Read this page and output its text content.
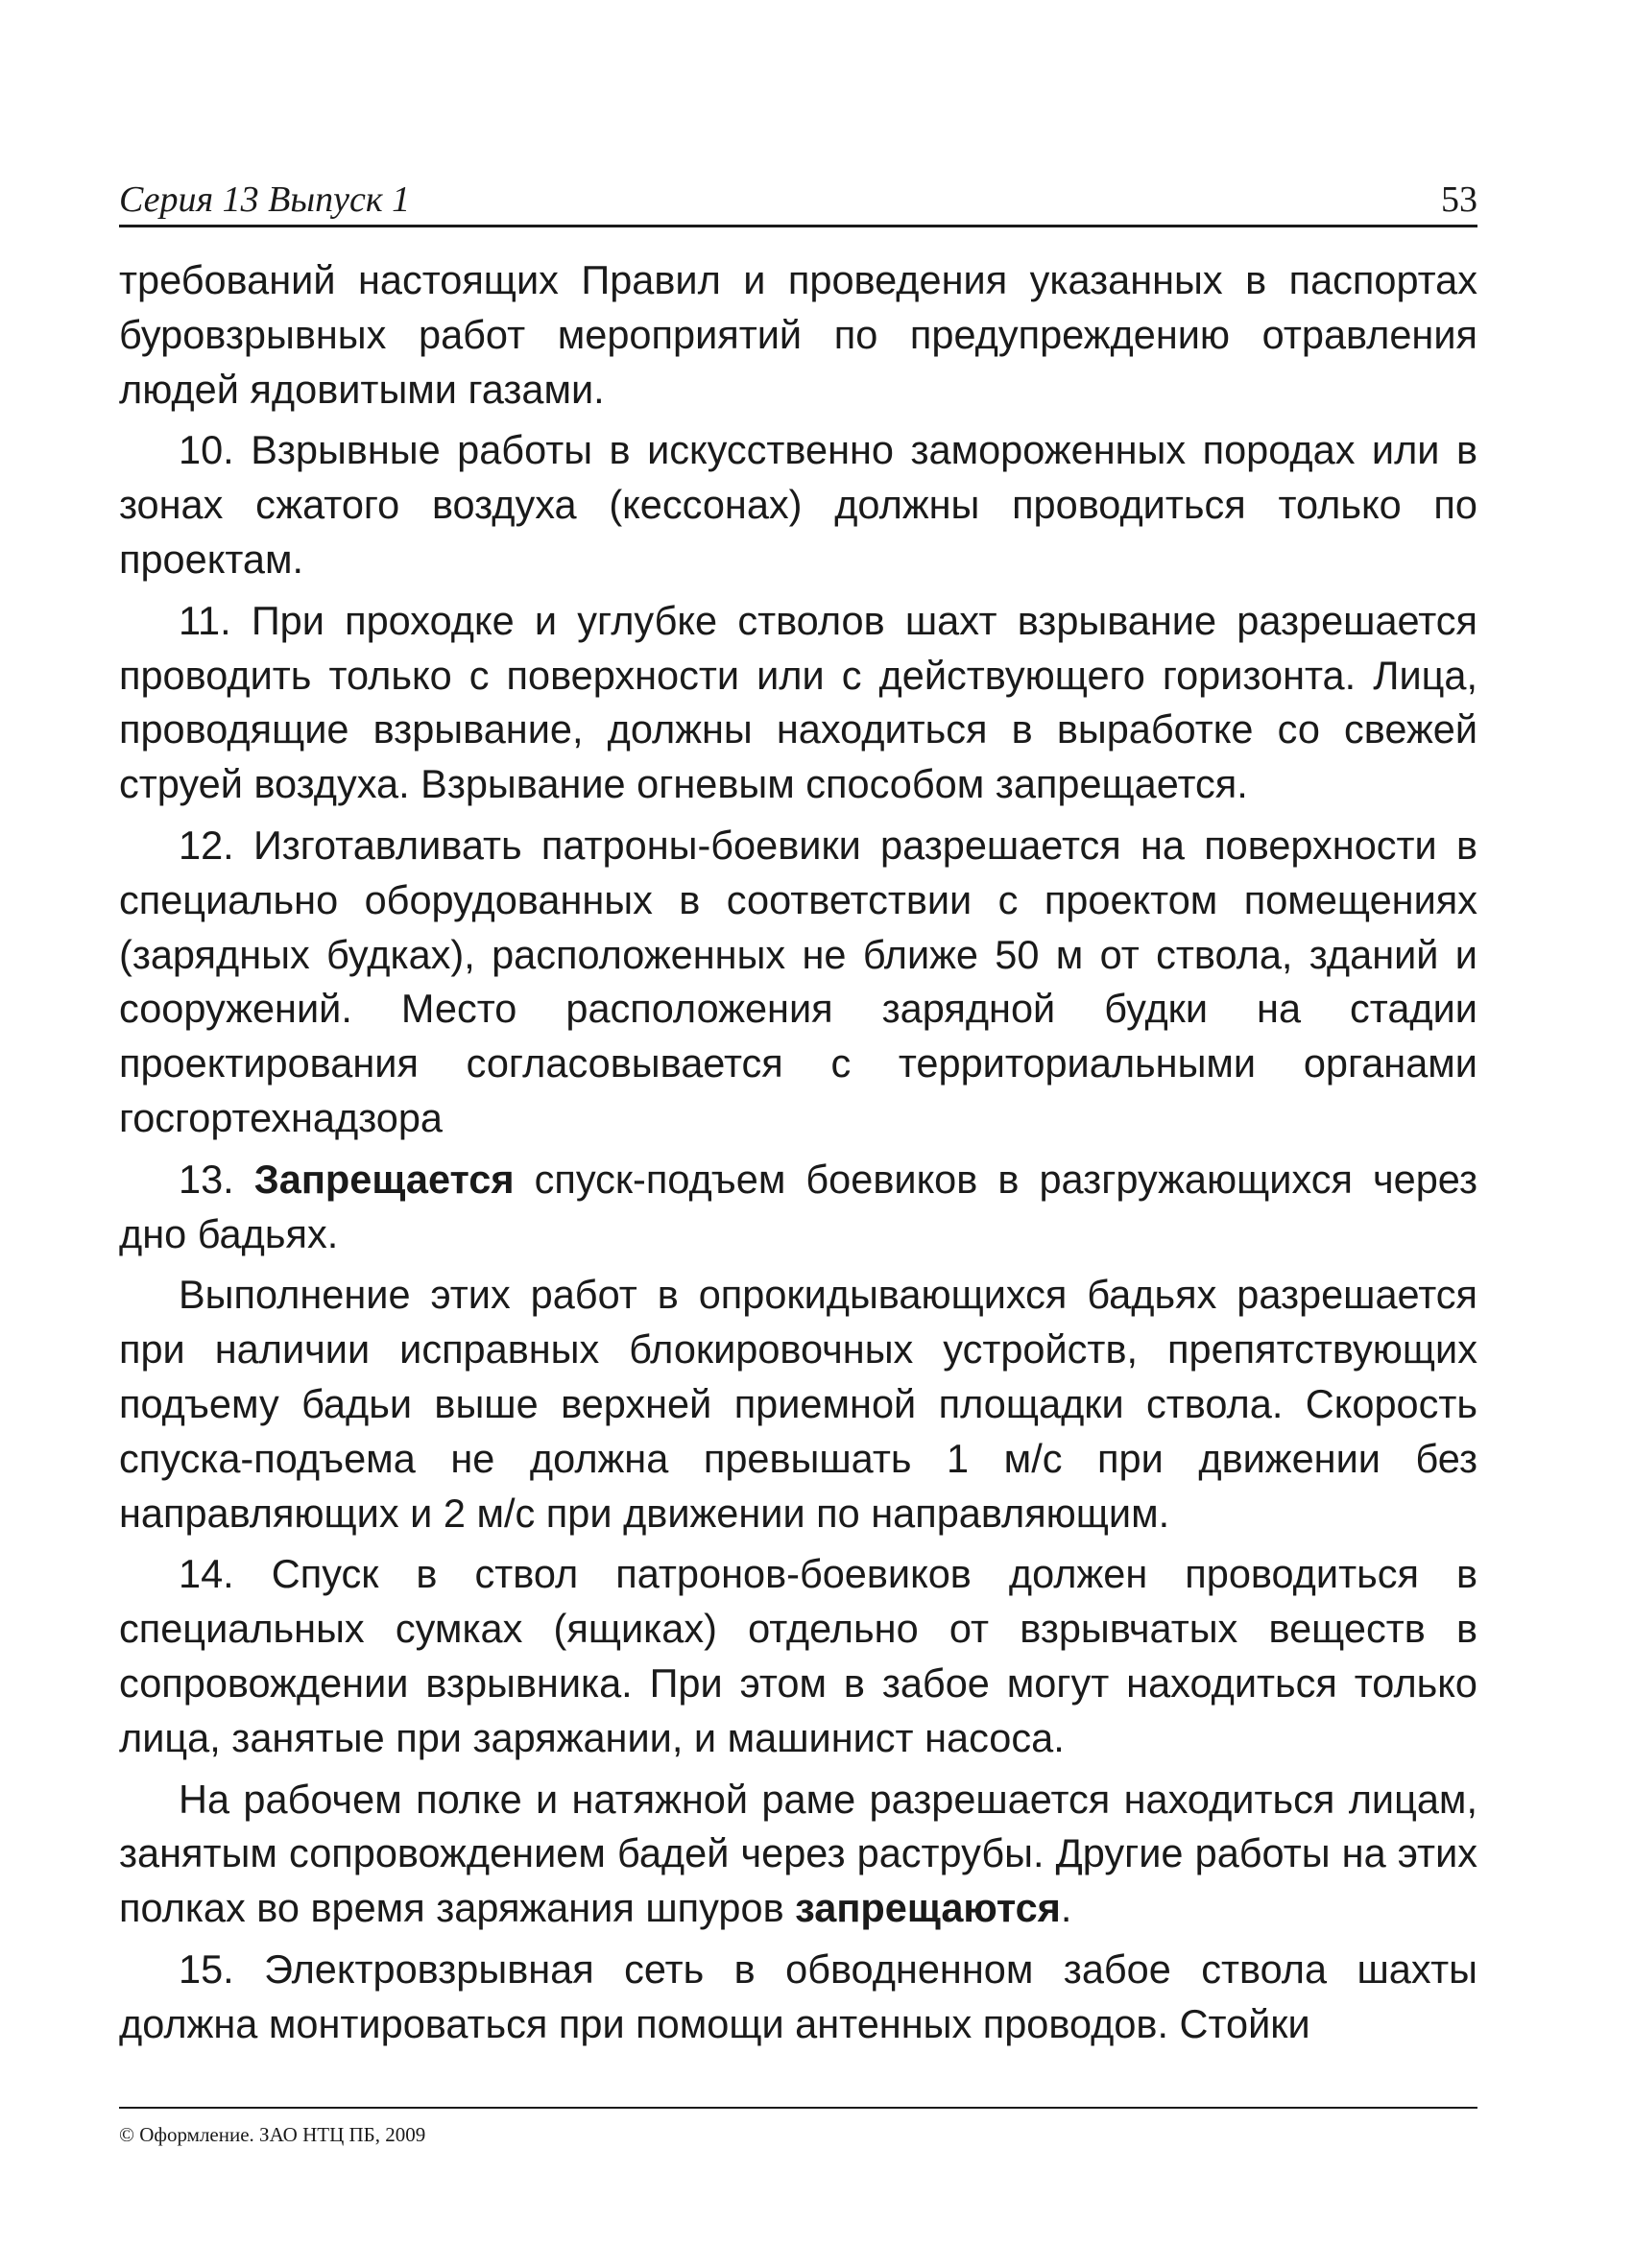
Серия 13 Выпуск 1	53

требований настоящих Правил и проведения указанных в паспортах буровзрывных работ мероприятий по предупреждению отравления людей ядовитыми газами.

10. Взрывные работы в искусственно замороженных породах или в зонах сжатого воздуха (кессонах) должны проводиться только по проектам.

11. При проходке и углубке стволов шахт взрывание разрешается проводить только с поверхности или с действующего горизонта. Лица, проводящие взрывание, должны находиться в выработке со свежей струей воздуха. Взрывание огневым способом запрещается.

12. Изготавливать патроны-боевики разрешается на поверхности в специально оборудованных в соответствии с проектом помещениях (зарядных будках), расположенных не ближе 50 м от ствола, зданий и сооружений. Место расположения зарядной будки на стадии проектирования согласовывается с территориальными органами госгортехнадзора

13. Запрещается спуск-подъем боевиков в разгружающихся через дно бадьях.

Выполнение этих работ в опрокидывающихся бадьях разрешается при наличии исправных блокировочных устройств, препятствующих подъему бадьи выше верхней приемной площадки ствола. Скорость спуска-подъема не должна превышать 1 м/с при движении без направляющих и 2 м/с при движении по направляющим.

14. Спуск в ствол патронов-боевиков должен проводиться в специальных сумках (ящиках) отдельно от взрывчатых веществ в сопровождении взрывника. При этом в забое могут находиться только лица, занятые при заряжании, и машинист насоса.

На рабочем полке и натяжной раме разрешается находиться лицам, занятым сопровождением бадей через раструбы. Другие работы на этих полках во время заряжания шпуров запрещаются.

15. Электровзрывная сеть в обводненном забое ствола шахты должна монтироваться при помощи антенных проводов. Стойки

© Оформление. ЗАО НТЦ ПБ, 2009
